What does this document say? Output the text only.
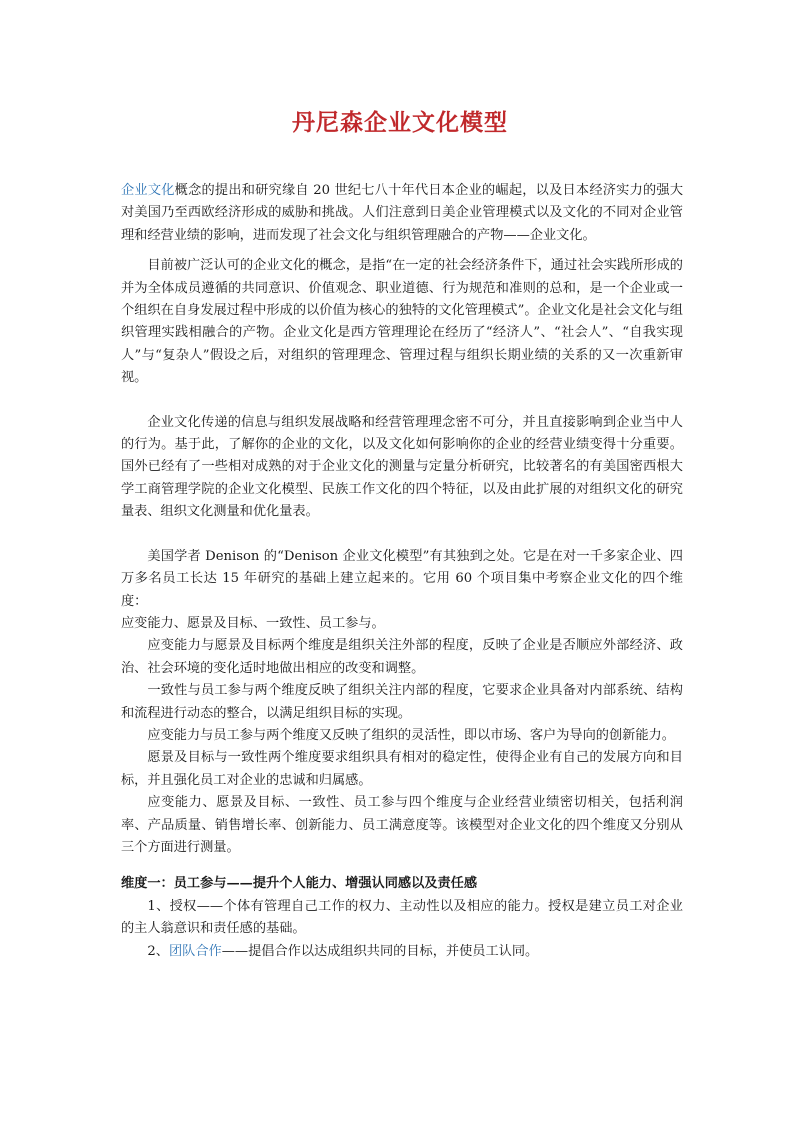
丹尼森企业文化模型

企业文化概念的提出和研究缘自 20 世纪七八十年代日本企业的崛起，以及日本经济实力的强大对美国乃至西欧经济形成的威胁和挑战。人们注意到日美企业管理模式以及文化的不同对企业管理和经营业绩的影响，进而发现了社会文化与组织管理融合的产物——企业文化。

目前被广泛认可的企业文化的概念，是指“在一定的社会经济条件下，通过社会实践所形成的并为全体成员遵循的共同意识、价值观念、职业道德、行为规范和准则的总和，是一个企业或一个组织在自身发展过程中形成的以价值为核心的独特的文化管理模式”。企业文化是社会文化与组织管理实践相融合的产物。企业文化是西方管理理论在经历了“经济人”、“社会人”、“自我实现人”与“复杂人”假设之后，对组织的管理理念、管理过程与组织长期业绩的关系的又一次重新审视。

企业文化传递的信息与组织发展战略和经营管理理念密不可分，并且直接影响到企业当中人的行为。基于此，了解你的企业的文化，以及文化如何影响你的企业的经营业绩变得十分重要。国外已经有了一些相对成熟的对于企业文化的测量与定量分析研究，比较著名的有美国密西根大学工商管理学院的企业文化模型、民族工作文化的四个特征，以及由此扩展的对组织文化的研究量表、组织文化测量和优化量表。

美国学者 Denison 的“Denison 企业文化模型”有其独到之处。它是在对一千多家企业、四万多名员工长达 15 年研究的基础上建立起来的。它用 60 个项目集中考察企业文化的四个维度：

应变能力、愿景及目标、一致性、员工参与。

应变能力与愿景及目标两个维度是组织关注外部的程度，反映了企业是否顺应外部经济、政治、社会环境的变化适时地做出相应的改变和调整。

一致性与员工参与两个维度反映了组织关注内部的程度，它要求企业具备对内部系统、结构和流程进行动态的整合，以满足组织目标的实现。

应变能力与员工参与两个维度又反映了组织的灵活性，即以市场、客户为导向的创新能力。

愿景及目标与一致性两个维度要求组织具有相对的稳定性，使得企业有自己的发展方向和目标，并且强化员工对企业的忠诚和归属感。

应变能力、愿景及目标、一致性、员工参与四个维度与企业经营业绩密切相关，包括利润率、产品质量、销售增长率、创新能力、员工满意度等。该模型对企业文化的四个维度又分别从三个方面进行测量。

维度一：员工参与——提升个人能力、增强认同感以及责任感

1、授权——个体有管理自己工作的权力、主动性以及相应的能力。授权是建立员工对企业的主人翁意识和责任感的基础。

2、团队合作——提倡合作以达成组织共同的目标，并使员工认同。
